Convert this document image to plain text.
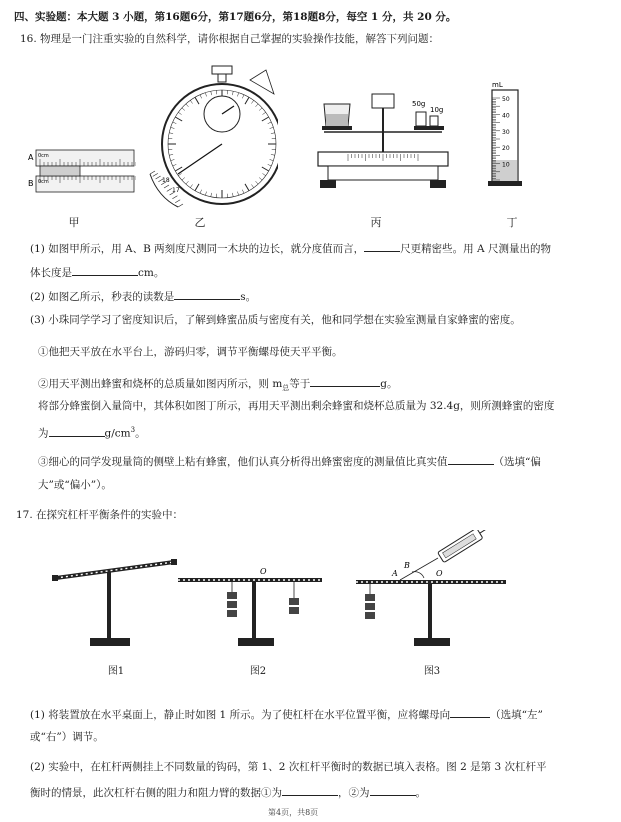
四、实验题：本大题 3 小题，第16题6分，第17题6分，第18题8分，每空 1 分，共 20 分。
16. 物理是一门注重实验的自然科学，请你根据自己掌握的实验操作技能，解答下列问题：
A
B
0cm
0cm
17
18
50g
10g
mL
50
40
30
20
10
甲	乙	丙	丁
(1) 如图甲所示，用 A、B 两刻度尺测同一木块的边长，就分度值而言，	尺更精密些。用 A 尺测量出的物
体长度是	cm。
(2) 如图乙所示，秒表的读数是	s。
(3) 小珠同学学习了密度知识后，了解到蜂蜜品质与密度有关，他和同学想在实验室测量自家蜂蜜的密度。
①他把天平放在水平台上，游码归零，调节平衡螺母使天平平衡。
②用天平测出蜂蜜和烧杯的总质量如图丙所示，则 $m_总$等于	g。
将部分蜂蜜倒入量筒中，其体积如图丁所示，再用天平测出剩余蜂蜜和烧杯总质量为 32.4g，则所测蜂蜜的密度
为	$g/cm^3$。
③细心的同学发现量筒的侧壁上粘有蜂蜜，他们认真分析得出蜂蜜密度的测量值比真实值	（选填“偏
大”或“偏小”）。
17. 在探究杠杆平衡条件的实验中：
O	O
A
B
图1	图2	图3
(1) 将装置放在水平桌面上，静止时如图 1 所示。为了使杠杆在水平位置平衡，应将螺母向	（选填“左”
或“右”）调节。
(2) 实验中，在杠杆两侧挂上不同数量的钩码，第 1、2 次杠杆平衡时的数据已填入表格。图 2 是第 3 次杠杆平
衡时的情景，此次杠杆右侧的阻力和阻力臂的数据①为	，②为	。
第4页，共8页
